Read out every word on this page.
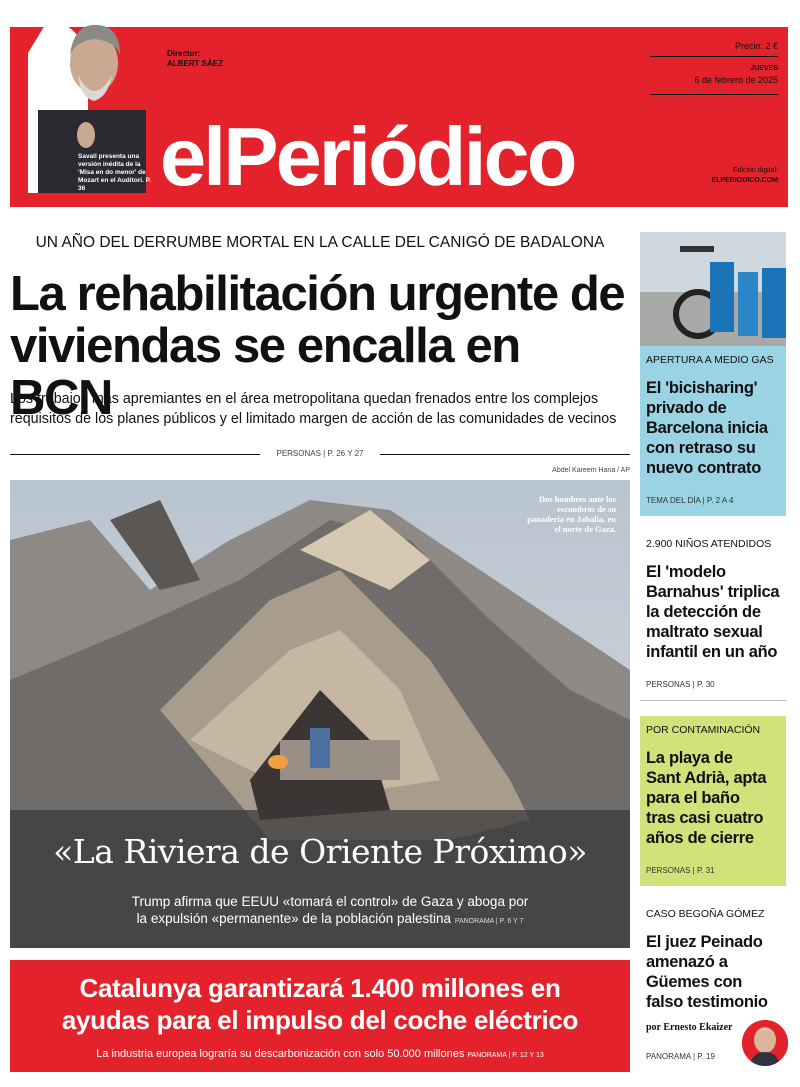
Savall presenta una versión inédita de la 'Misa en do menor' de Mozart en el Auditori. P. 36
Director:
ALBERT SÁEZ
elPeriódico
Precio: 2 €
JUEVES
6 de febrero de 2025
Edición digital:
ELPERIODICO.COM
UN AÑO DEL DERRUMBE MORTAL EN LA CALLE DEL CANIGÓ DE BADALONA
La rehabilitación urgente de
viviendas se encalla en BCN
Los trabajos más apremiantes en el área metropolitana quedan frenados entre los complejos
requisitos de los planes públicos y el limitado margen de acción de las comunidades de vecinos
PERSONAS | P. 26 Y 27
Abdel Kareem Hana / AP
Dos hombres ante los escombros de su panadería en Jabalia, en el norte de Gaza.
«La Riviera de Oriente Próximo»
Trump afirma que EEUU «tomará el control» de Gaza y aboga por
la expulsión «permanente» de la población palestina PANORAMA | P. 6 Y 7
Catalunya garantizará 1.400 millones en
ayudas para el impulso del coche eléctrico
La industria europea lograría su descarbonización con solo 50.000 millones PANORAMA | P. 12 Y 13
APERTURA A MEDIO GAS
El 'bicisharing'
privado de
Barcelona inicia
con retraso su
nuevo contrato
TEMA DEL DÍA | P. 2 A 4
2.900 NIÑOS ATENDIDOS
El 'modelo
Barnahus' triplica
la detección de
maltrato sexual
infantil en un año
PERSONAS | P. 30
POR CONTAMINACIÓN
La playa de
Sant Adrià, apta
para el baño
tras casi cuatro
años de cierre
PERSONAS | P. 31
CASO BEGOÑA GÓMEZ
El juez Peinado
amenazó a
Güemes con
falso testimonio
PANORAMA | P. 19
por Ernesto Ekaizer
